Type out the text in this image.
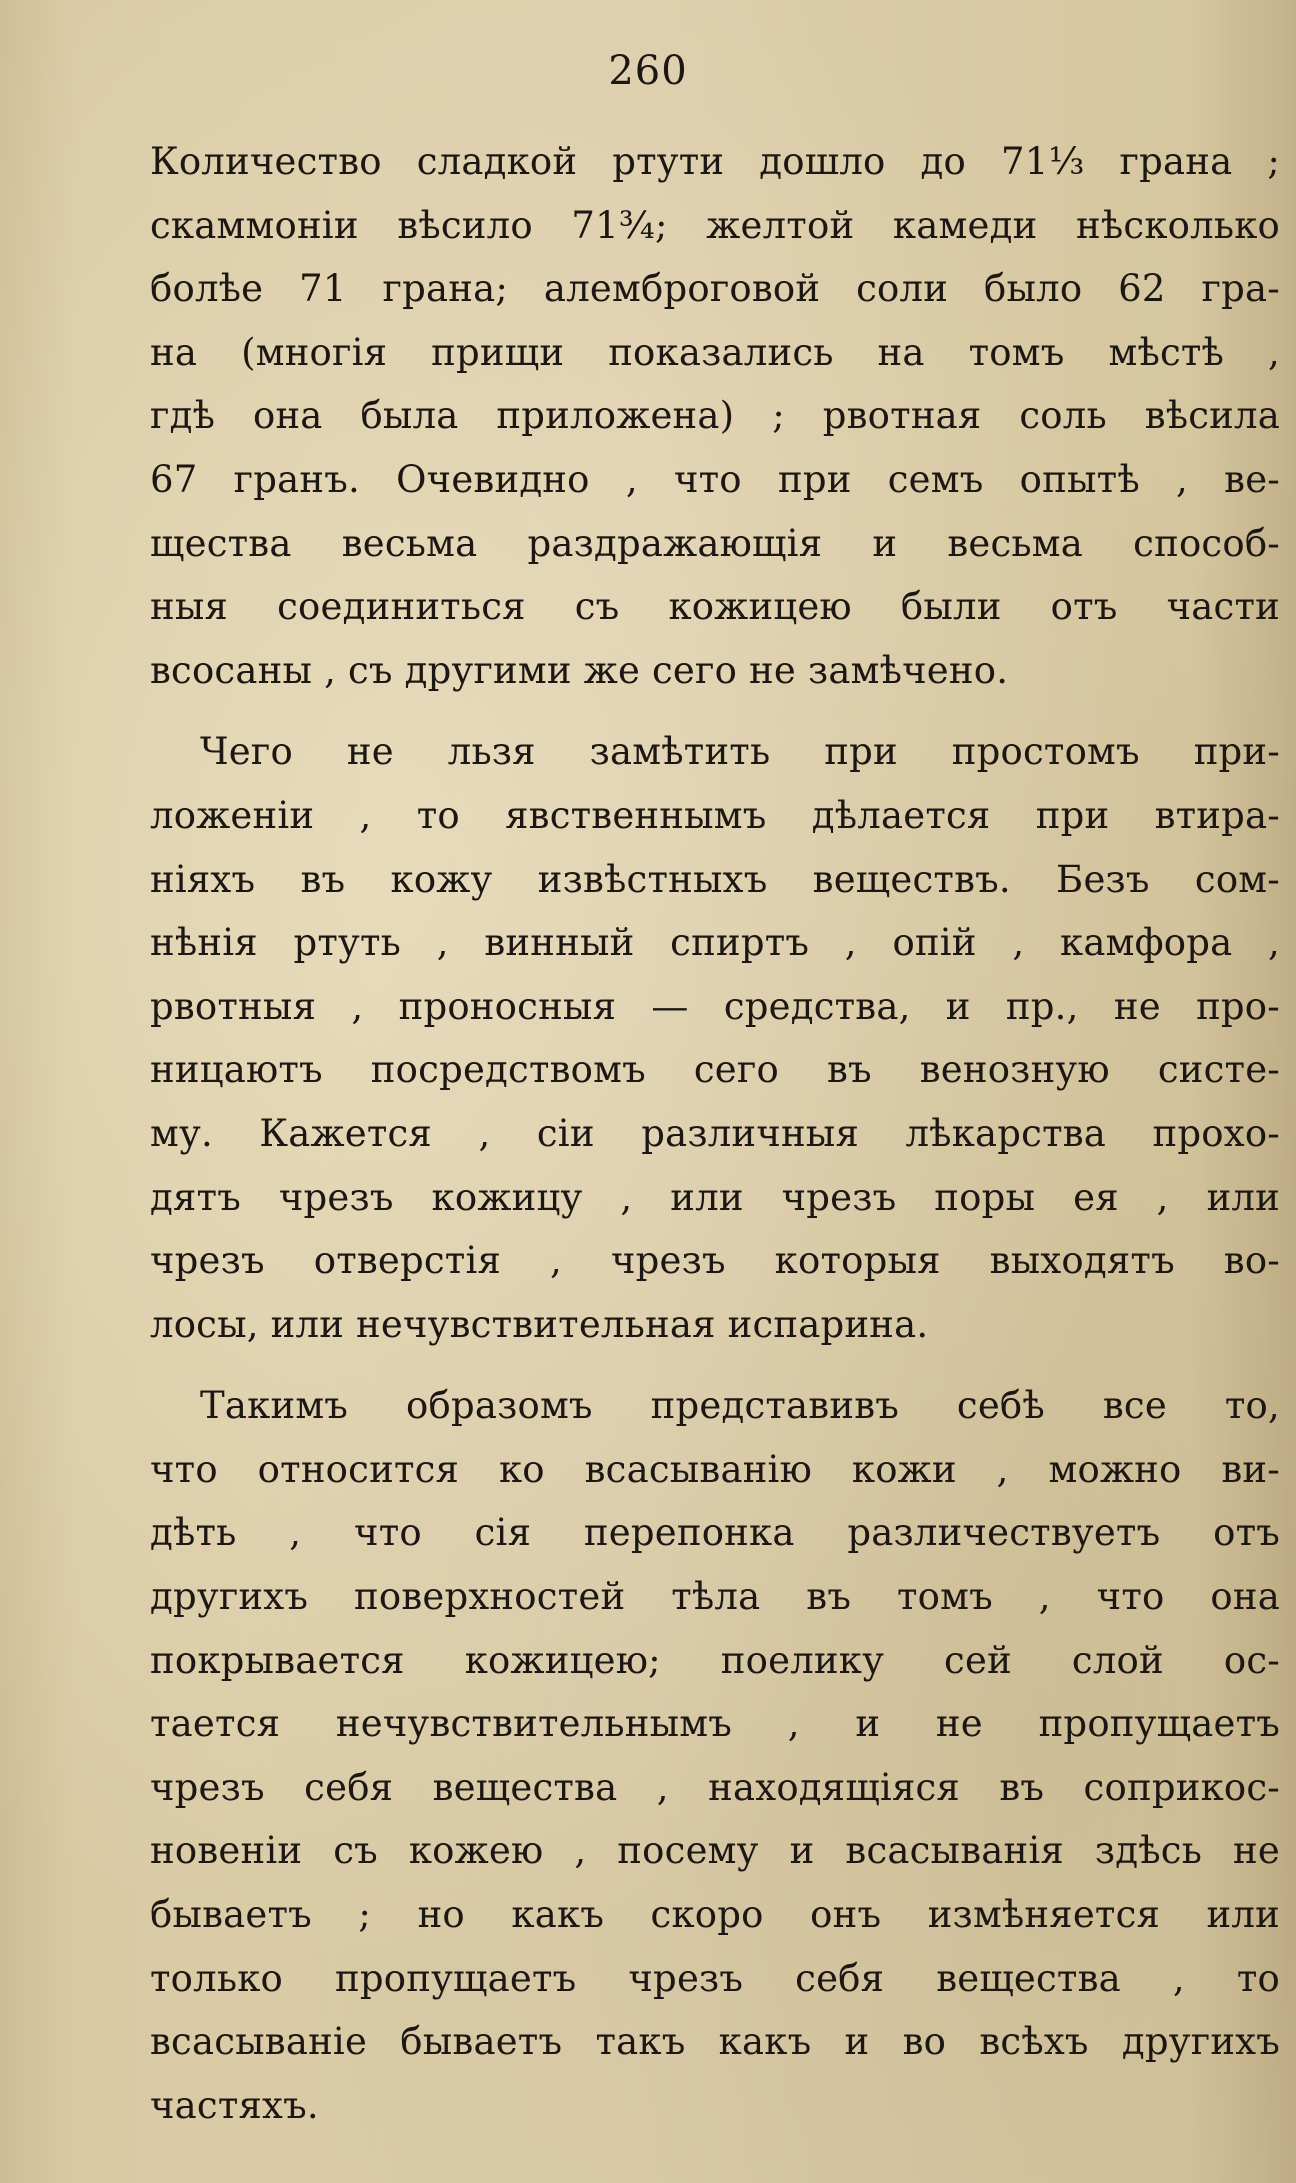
260
Количество сладкой ртути дошло до 71⅓ грана ;
скаммоніи вѣсило 71¾; желтой камеди нѣсколько
болѣе 71 грана; алемброговой соли было 62 гра-
на (многія прищи показались на томъ мѣстѣ ,
гдѣ она была приложена) ; рвотная соль вѣсила
67 гранъ. Очевидно , что при семъ опытѣ , ве-
щества весьма раздражающія и весьма способ-
ныя соединиться съ кожицею были отъ части
всосаны , съ другими же сего не замѣчено.
Чего не льзя замѣтить при простомъ при-
ложеніи , то явственнымъ дѣлается при втира-
ніяхъ въ кожу извѣстныхъ веществъ. Безъ сом-
нѣнія ртуть , винный спиртъ , опій , камфора ,
рвотныя , проносныя — средства, и пр., не про-
ницаютъ посредствомъ сего въ венозную систе-
му. Кажется , сіи различныя лѣкарства прохо-
дятъ чрезъ кожицу , или чрезъ поры ея , или
чрезъ отверстія , чрезъ которыя выходятъ во-
лосы, или нечувствительная испарина.
Такимъ образомъ представивъ себѣ все то,
что относится ко всасыванію кожи , можно ви-
дѣть , что сія перепонка различествуетъ отъ
другихъ поверхностей тѣла въ томъ , что она
покрывается кожицею; поелику сей слой ос-
тается нечувствительнымъ , и не пропущаетъ
чрезъ себя вещества , находящіяся въ соприкос-
новеніи съ кожею , посему и всасыванія здѣсь не
бываетъ ; но какъ скоро онъ измѣняется или
только пропущаетъ чрезъ себя вещества , то
всасываніе бываетъ такъ какъ и во всѣхъ другихъ
частяхъ.
